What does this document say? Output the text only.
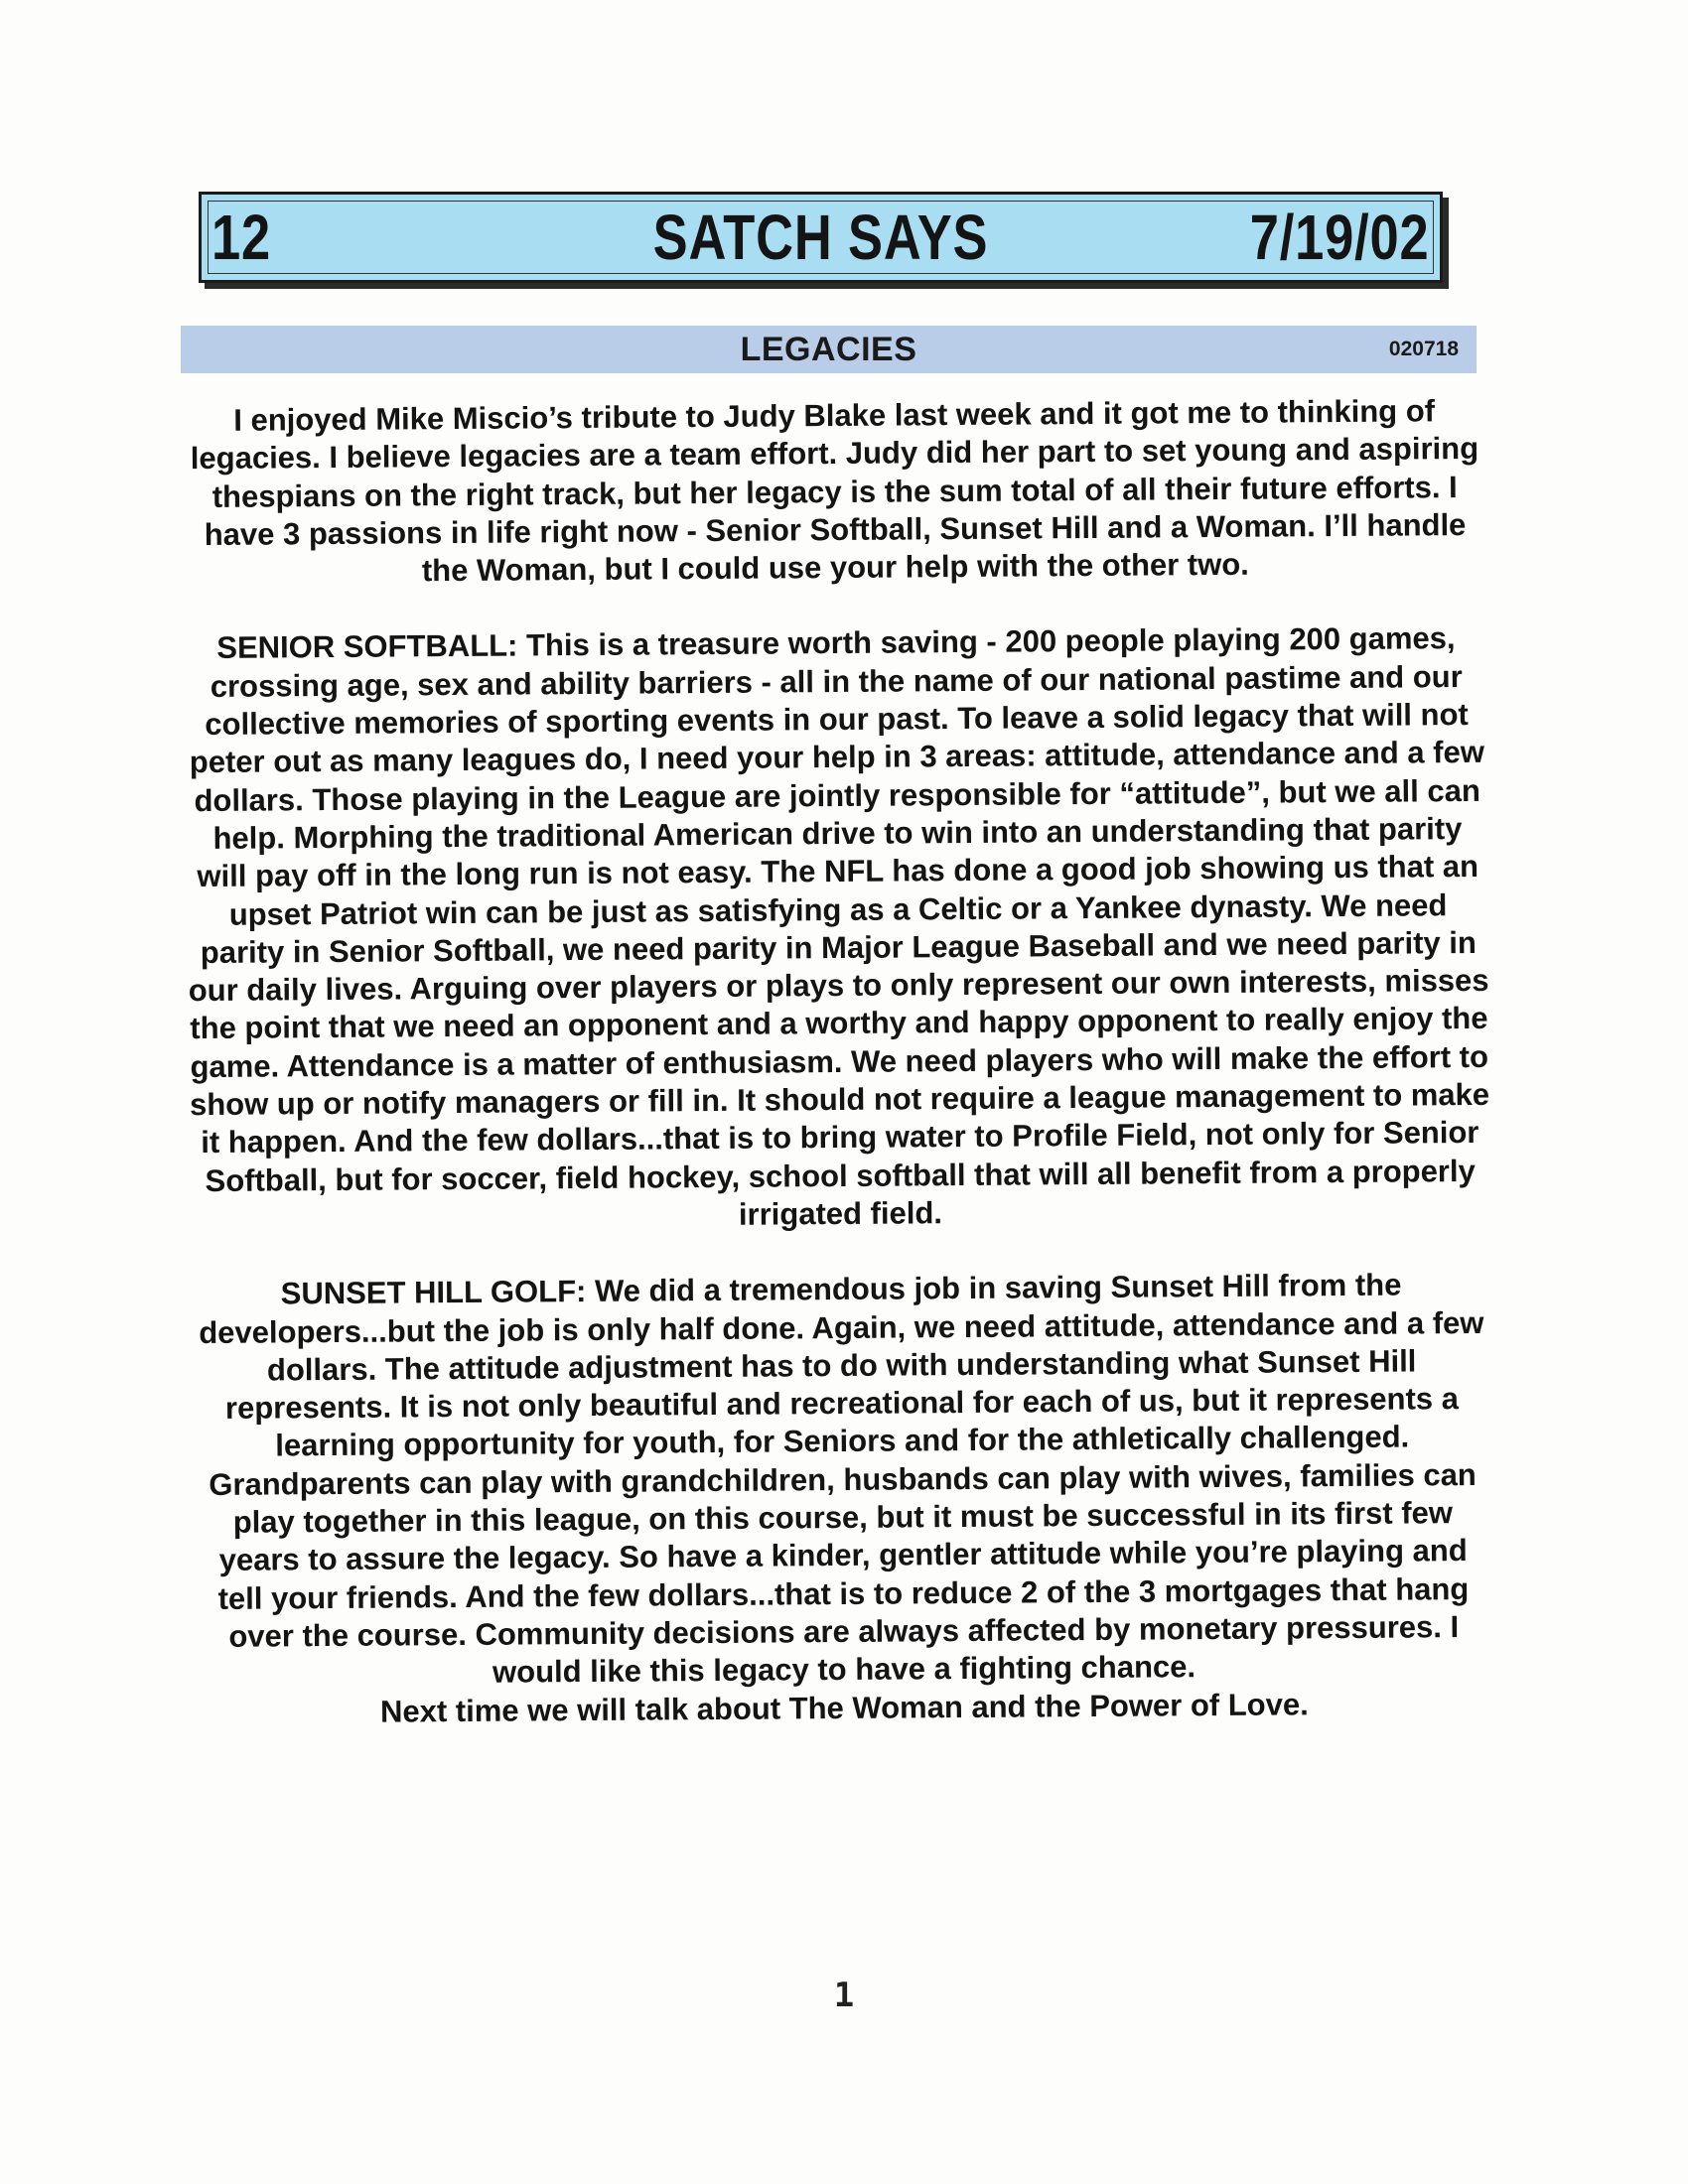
12	SATCH SAYS	7/19/02
LEGACIES	020718

I enjoyed Mike Miscio’s tribute to Judy Blake last week and it got me to thinking of legacies. I believe legacies are a team effort. Judy did her part to set young and aspiring thespians on the right track, but her legacy is the sum total of all their future efforts. I have 3 passions in life right now - Senior Softball, Sunset Hill and a Woman. I’ll handle the Woman, but I could use your help with the other two.

SENIOR SOFTBALL: This is a treasure worth saving - 200 people playing 200 games, crossing age, sex and ability barriers - all in the name of our national pastime and our collective memories of sporting events in our past. To leave a solid legacy that will not peter out as many leagues do, I need your help in 3 areas: attitude, attendance and a few dollars. Those playing in the League are jointly responsible for “attitude”, but we all can help. Morphing the traditional American drive to win into an understanding that parity will pay off in the long run is not easy. The NFL has done a good job showing us that an upset Patriot win can be just as satisfying as a Celtic or a Yankee dynasty. We need parity in Senior Softball, we need parity in Major League Baseball and we need parity in our daily lives. Arguing over players or plays to only represent our own interests, misses the point that we need an opponent and a worthy and happy opponent to really enjoy the game. Attendance is a matter of enthusiasm. We need players who will make the effort to show up or notify managers or fill in. It should not require a league management to make it happen. And the few dollars...that is to bring water to Profile Field, not only for Senior Softball, but for soccer, field hockey, school softball that will all benefit from a properly irrigated field.

SUNSET HILL GOLF: We did a tremendous job in saving Sunset Hill from the developers...but the job is only half done. Again, we need attitude, attendance and a few dollars. The attitude adjustment has to do with understanding what Sunset Hill represents. It is not only beautiful and recreational for each of us, but it represents a learning opportunity for youth, for Seniors and for the athletically challenged. Grandparents can play with grandchildren, husbands can play with wives, families can play together in this league, on this course, but it must be successful in its first few years to assure the legacy. So have a kinder, gentler attitude while you’re playing and tell your friends. And the few dollars...that is to reduce 2 of the 3 mortgages that hang over the course. Community decisions are always affected by monetary pressures. I would like this legacy to have a fighting chance.

Next time we will talk about The Woman and the Power of Love.

1
